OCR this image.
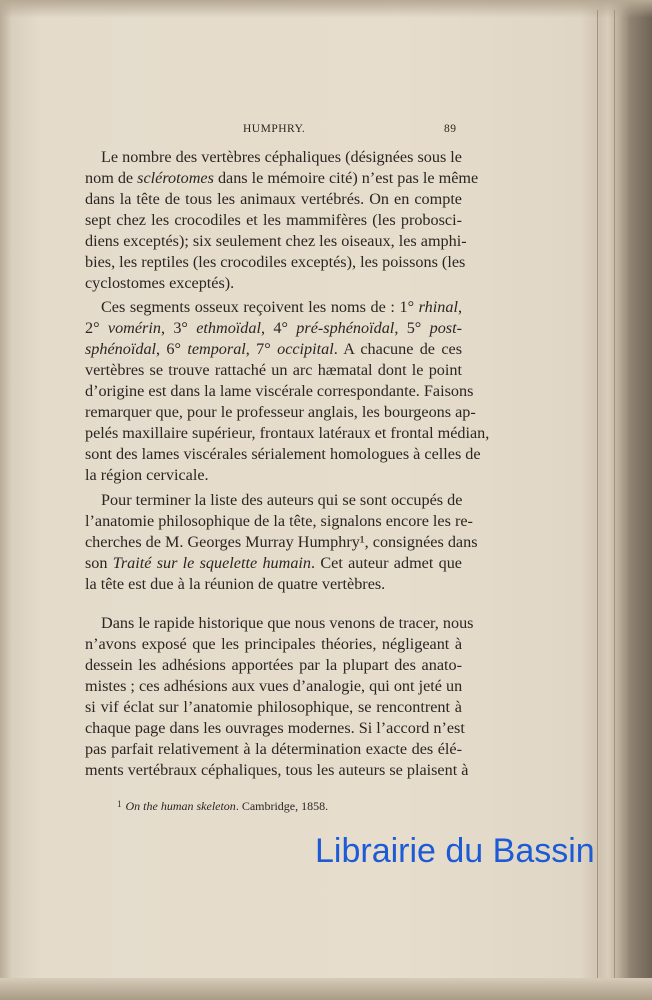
HUMPHRY.	89
Le nombre des vertèbres céphaliques (désignées sous le
nom de sclérotomes dans le mémoire cité) n’est pas le même
dans la tête de tous les animaux vertébrés. On en compte
sept chez les crocodiles et les mammifères (les probosci-
diens exceptés); six seulement chez les oiseaux, les amphi-
bies, les reptiles (les crocodiles exceptés), les poissons (les
cyclostomes exceptés).
Ces segments osseux reçoivent les noms de : 1° rhinal,
2° vomérin, 3° ethmoïdal, 4° pré-sphénoïdal, 5° post-
sphénoïdal, 6° temporal, 7° occipital. A chacune de ces
vertèbres se trouve rattaché un arc hæmatal dont le point
d’origine est dans la lame viscérale correspondante. Faisons
remarquer que, pour le professeur anglais, les bourgeons ap-
pelés maxillaire supérieur, frontaux latéraux et frontal médian,
sont des lames viscérales sérialement homologues à celles de
la région cervicale.
Pour terminer la liste des auteurs qui se sont occupés de
l’anatomie philosophique de la tête, signalons encore les re-
cherches de M. Georges Murray Humphry¹, consignées dans
son Traité sur le squelette humain. Cet auteur admet que
la tête est due à la réunion de quatre vertèbres.
Dans le rapide historique que nous venons de tracer, nous
n’avons exposé que les principales théories, négligeant à
dessein les adhésions apportées par la plupart des anato-
mistes ; ces adhésions aux vues d’analogie, qui ont jeté un
si vif éclat sur l’anatomie philosophique, se rencontrent à
chaque page dans les ouvrages modernes. Si l’accord n’est
pas parfait relativement à la détermination exacte des élé-
ments vertébraux céphaliques, tous les auteurs se plaisent à
$^1$ On the human skeleton. Cambridge, 1858.
Librairie du Bassin
